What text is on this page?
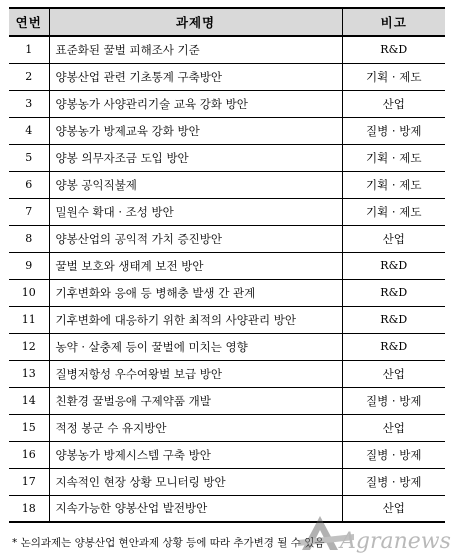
연번	과제명	비고
1	표준화된 꿀벌 피해조사 기준	R&D
2	양봉산업 관련 기초통계 구축방안	기획 · 제도
3	양봉농가 사양관리기술 교육 강화 방안	산업
4	양봉농가 방제교육 강화 방안	질병 · 방제
5	양봉 의무자조금 도입 방안	기획 · 제도
6	양봉 공익직불제	기획 · 제도
7	밀원수 확대 · 조성 방안	기획 · 제도
8	양봉산업의 공익적 가치 증진방안	산업
9	꿀벌 보호와 생태계 보전 방안	R&D
10	기후변화와 응애 등 병해충 발생 간 관계	R&D
11	기후변화에 대응하기 위한 최적의 사양관리 방안	R&D
12	농약 · 살충제 등이 꿀벌에 미치는 영향	R&D
13	질병저항성 우수여왕벌 보급 방안	산업
14	친환경 꿀벌응애 구제약품 개발	질병 · 방제
15	적정 봉군 수 유지방안	산업
16	양봉농가 방제시스템 구축 방안	질병 · 방제
17	지속적인 현장 상황 모니터링 방안	질병 · 방제
18	지속가능한 양봉산업 발전방안	산업
* 논의과제는 양봉산업 현안과제 상황 등에 따라 추가변경 될 수 있음 Agranews
